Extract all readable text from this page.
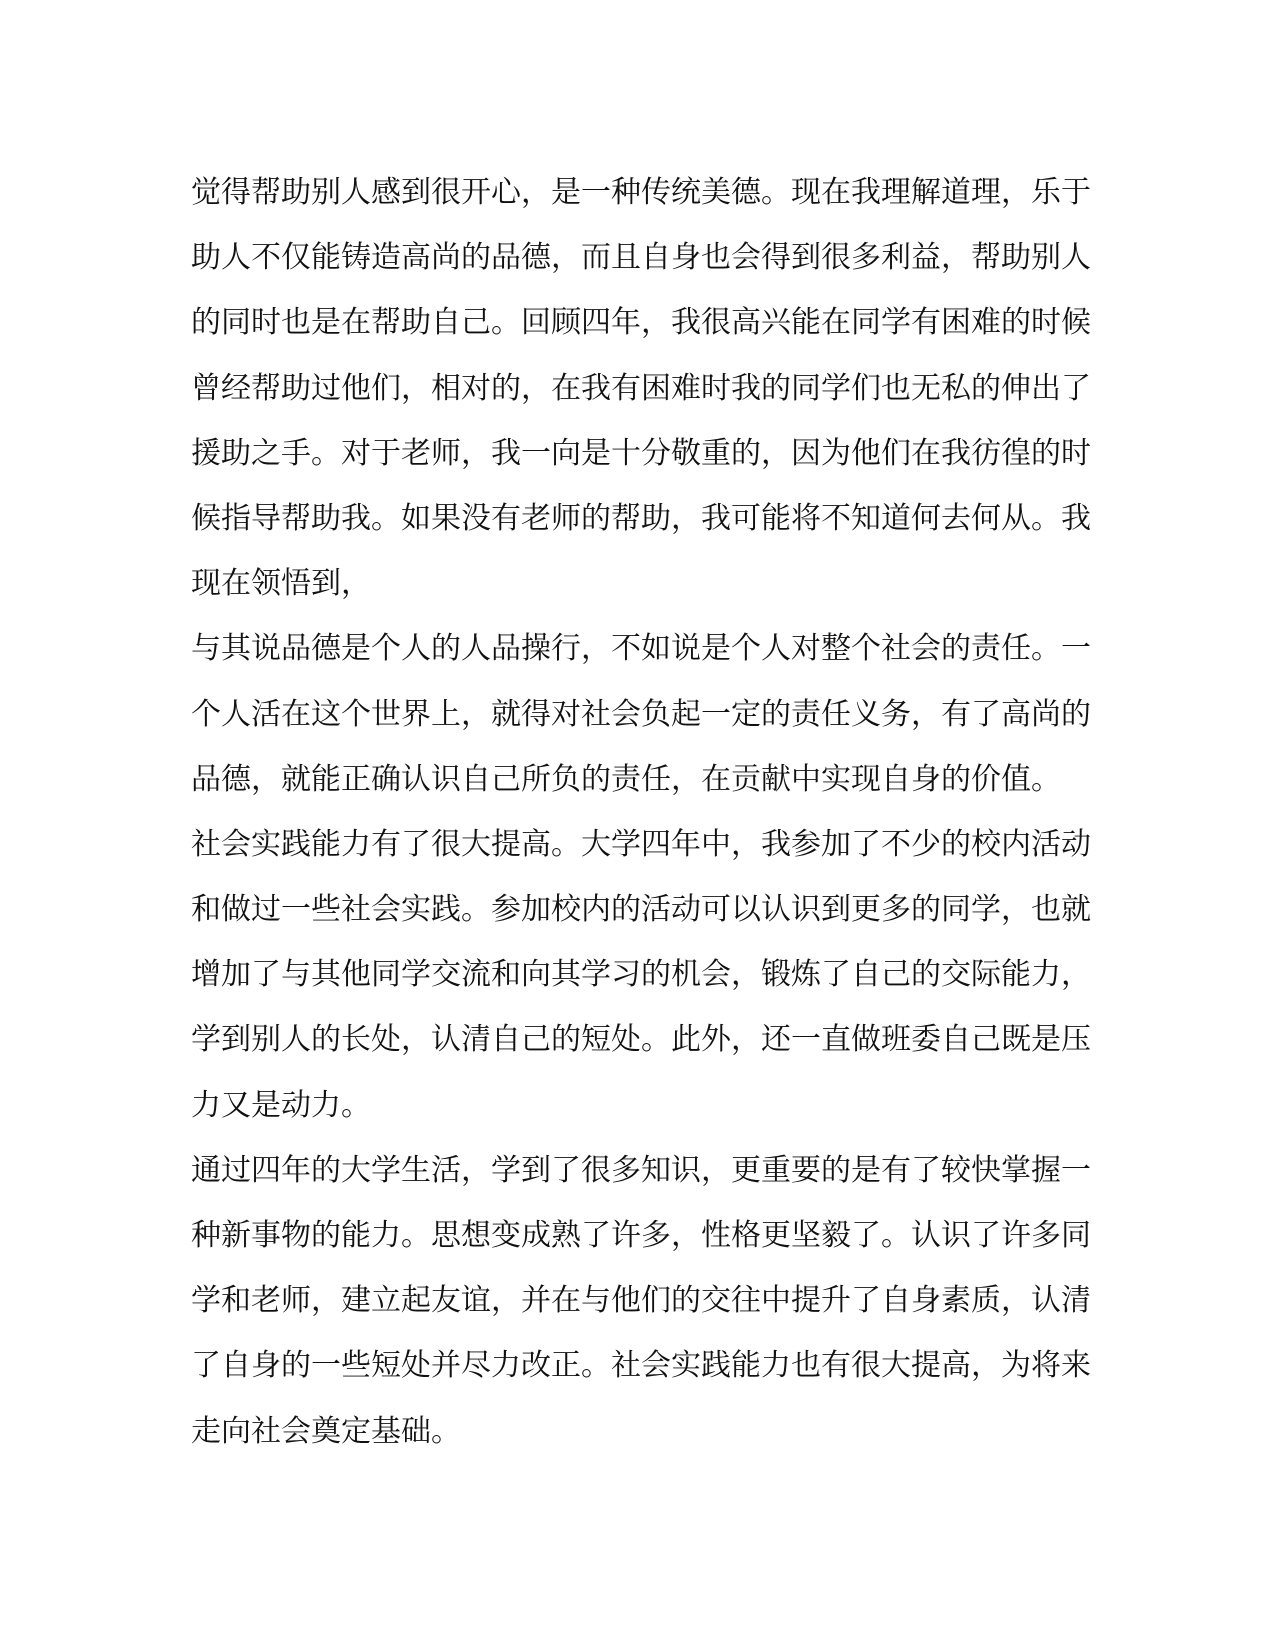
觉得帮助别人感到很开心，是一种传统美德。现在我理解道理，乐于
助人不仅能铸造高尚的品德，而且自身也会得到很多利益，帮助别人
的同时也是在帮助自己。回顾四年，我很高兴能在同学有困难的时候
曾经帮助过他们，相对的，在我有困难时我的同学们也无私的伸出了
援助之手。对于老师，我一向是十分敬重的，因为他们在我彷徨的时
候指导帮助我。如果没有老师的帮助，我可能将不知道何去何从。我
现在领悟到，
与其说品德是个人的人品操行，不如说是个人对整个社会的责任。一
个人活在这个世界上，就得对社会负起一定的责任义务，有了高尚的
品德，就能正确认识自己所负的责任，在贡献中实现自身的价值。
社会实践能力有了很大提高。大学四年中，我参加了不少的校内活动
和做过一些社会实践。参加校内的活动可以认识到更多的同学，也就
增加了与其他同学交流和向其学习的机会，锻炼了自己的交际能力，
学到别人的长处，认清自己的短处。此外，还一直做班委自己既是压
力又是动力。
通过四年的大学生活，学到了很多知识，更重要的是有了较快掌握一
种新事物的能力。思想变成熟了许多，性格更坚毅了。认识了许多同
学和老师，建立起友谊，并在与他们的交往中提升了自身素质，认清
了自身的一些短处并尽力改正。社会实践能力也有很大提高，为将来
走向社会奠定基础。
